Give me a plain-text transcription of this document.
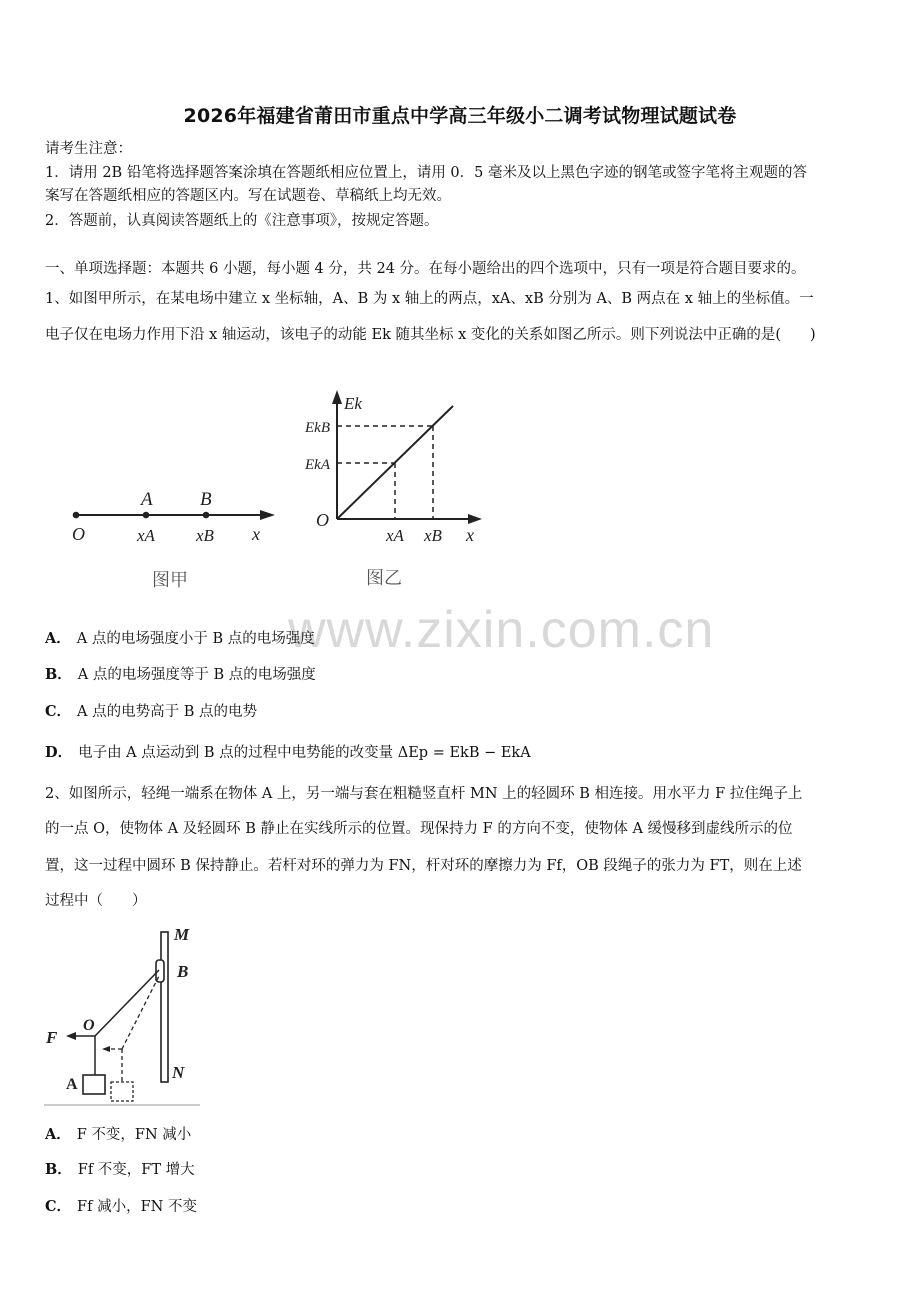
2026年福建省莆田市重点中学高三年级小二调考试物理试题试卷
请考生注意：
1．请用 2B 铅笔将选择题答案涂填在答题纸相应位置上，请用 0．5 毫米及以上黑色字迹的钢笔或签字笔将主观题的答
案写在答题纸相应的答题区内。写在试题卷、草稿纸上均无效。
2．答题前，认真阅读答题纸上的《注意事项》，按规定答题。
一、单项选择题：本题共 6 小题，每小题 4 分，共 24 分。在每小题给出的四个选项中，只有一项是符合题目要求的。
1、如图甲所示，在某电场中建立 x 坐标轴，A、B 为 x 轴上的两点，xA、xB 分别为 A、B 两点在 x 轴上的坐标值。一
电子仅在电场力作用下沿 x 轴运动，该电子的动能 Ek 随其坐标 x 变化的关系如图乙所示。则下列说法中正确的是(　　)
A B
O	xA xB x
图甲
Ek
EkB
EkA
O
xA xB x
图乙
www.zixin.com.cn
A． A 点的电场强度小于 B 点的电场强度
B． A 点的电场强度等于 B 点的电场强度
C． A 点的电势高于 B 点的电势
D． 电子由 A 点运动到 B 点的过程中电势能的改变量 ΔEp = EkB − EkA
2、如图所示，轻绳一端系在物体 A 上，另一端与套在粗糙竖直杆 MN 上的轻圆环 B 相连接。用水平力 F 拉住绳子上
的一点 O，使物体 A 及轻圆环 B 静止在实线所示的位置。现保持力 F 的方向不变，使物体 A 缓慢移到虚线所示的位
置，这一过程中圆环 B 保持静止。若杆对环的弹力为 FN，杆对环的摩擦力为 Ff，OB 段绳子的张力为 FT，则在上述
过程中（　　）
M
B
F
O
A
N
A． F 不变，FN 减小
B． Ff 不变，FT 增大
C． Ff 减小，FN 不变
